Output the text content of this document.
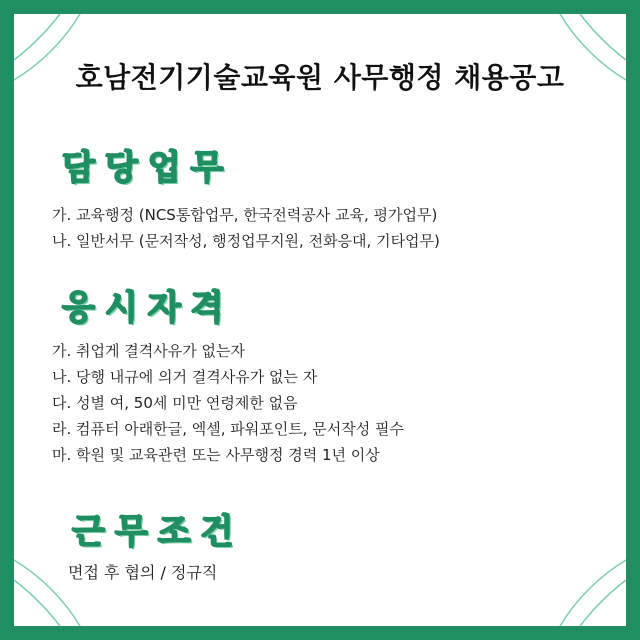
호남전기기술교육원 사무행정 채용공고
담당업무
가. 교육행정 (NCS통합업무, 한국전력공사 교육, 평가업무)
나. 일반서무 (문저작성, 행정업무지원, 전화응대, 기타업무)
응시자격
가. 취업게 결격사유가 없는자
나. 당행 내규에 의거 결격사유가 없는 자
다. 성별 여, 50세 미만 연령제한 없음
라. 컴퓨터 아래한글, 엑셀, 파워포인트, 문서작성 필수
마. 학원 및 교육관련 또는 사무행정 경력 1년 이상
근무조건
면접 후 협의 / 정규직
